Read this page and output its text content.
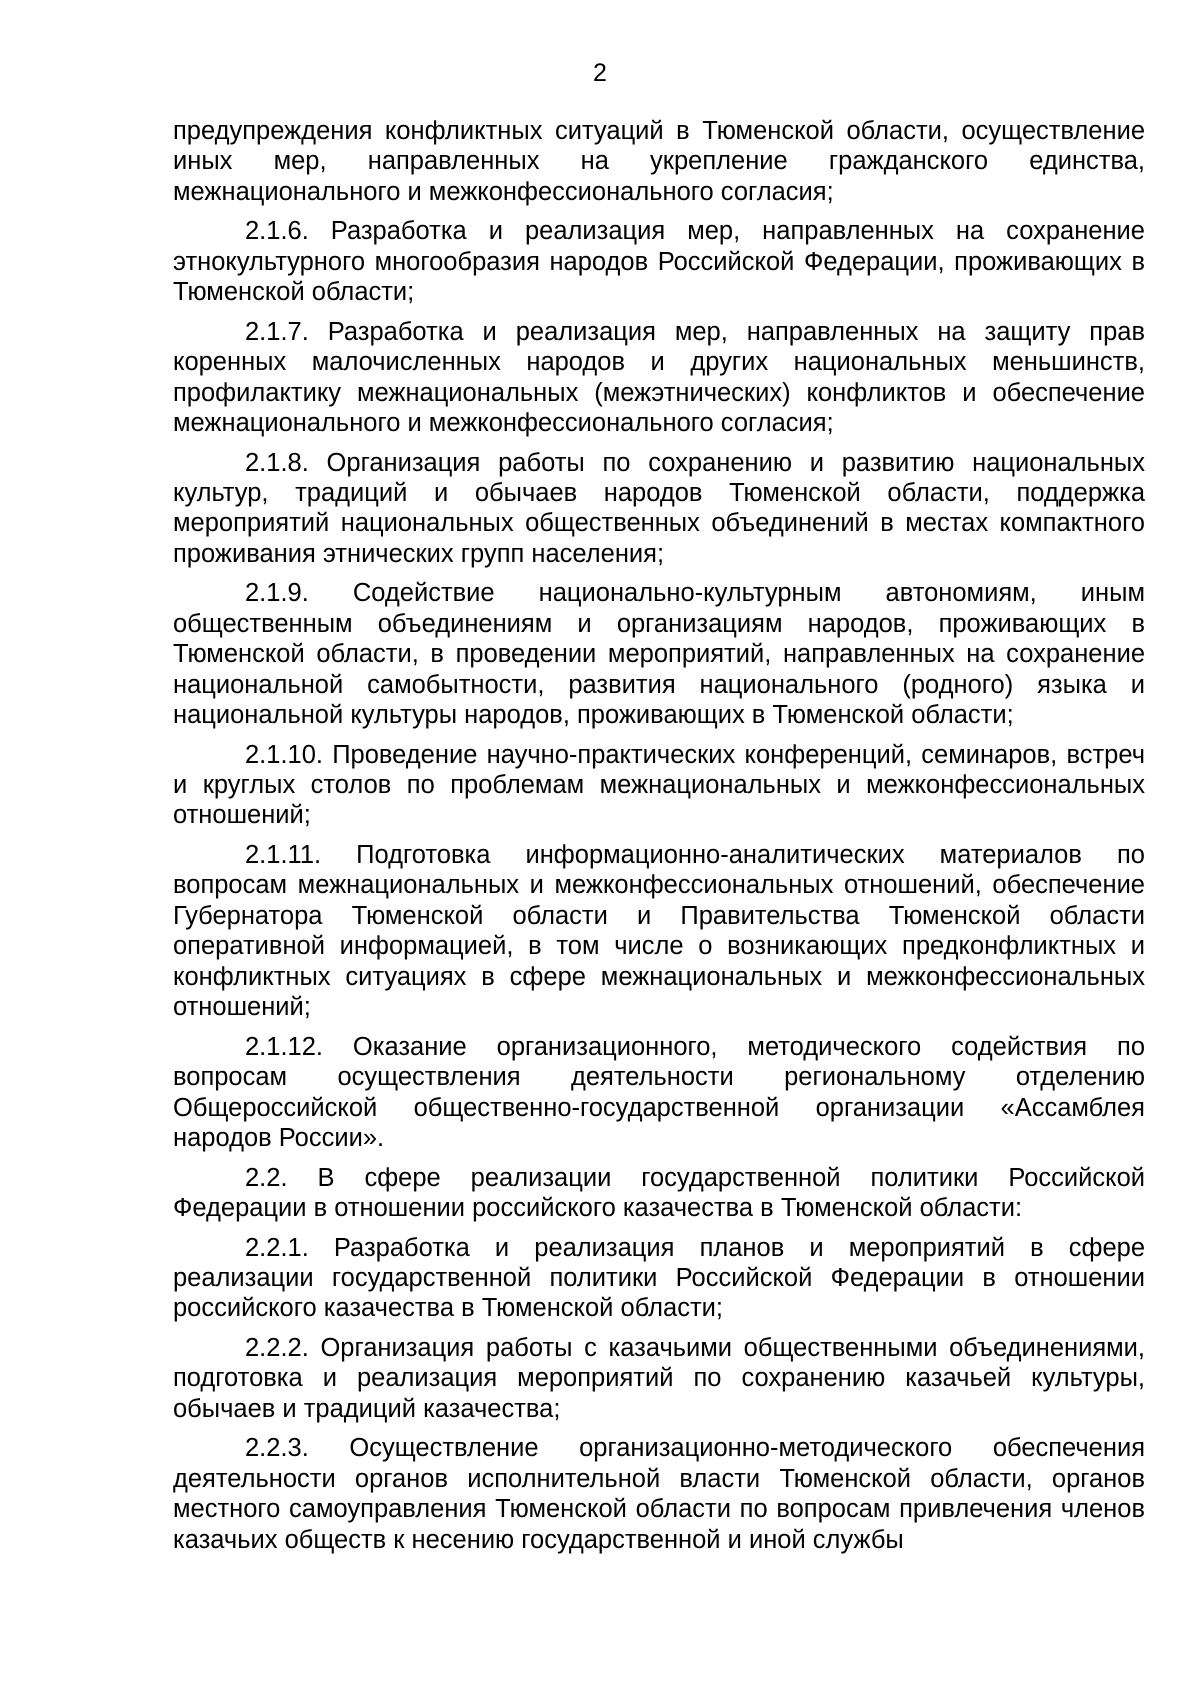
2

предупреждения конфликтных ситуаций в Тюменской области, осуществление иных мер, направленных на укрепление гражданского единства, межнационального и межконфессионального согласия;

2.1.6. Разработка и реализация мер, направленных на сохранение этнокультурного многообразия народов Российской Федерации, проживающих в Тюменской области;

2.1.7. Разработка и реализация мер, направленных на защиту прав коренных малочисленных народов и других национальных меньшинств, профилактику межнациональных (межэтнических) конфликтов и обеспечение межнационального и межконфессионального согласия;

2.1.8. Организация работы по сохранению и развитию национальных культур, традиций и обычаев народов Тюменской области, поддержка мероприятий национальных общественных объединений в местах компактного проживания этнических групп населения;

2.1.9. Содействие национально-культурным автономиям, иным общественным объединениям и организациям народов, проживающих в Тюменской области, в проведении мероприятий, направленных на сохранение национальной самобытности, развития национального (родного) языка и национальной культуры народов, проживающих в Тюменской области;

2.1.10. Проведение научно-практических конференций, семинаров, встреч и круглых столов по проблемам межнациональных и межконфессиональных отношений;

2.1.11. Подготовка информационно-аналитических материалов по вопросам межнациональных и межконфессиональных отношений, обеспечение Губернатора Тюменской области и Правительства Тюменской области оперативной информацией, в том числе о возникающих предконфликтных и конфликтных ситуациях в сфере межнациональных и межконфессиональных отношений;

2.1.12. Оказание организационного, методического содействия по вопросам осуществления деятельности региональному отделению Общероссийской общественно-государственной организации «Ассамблея народов России».

2.2. В сфере реализации государственной политики Российской Федерации в отношении российского казачества в Тюменской области:

2.2.1. Разработка и реализация планов и мероприятий в сфере реализации государственной политики Российской Федерации в отношении российского казачества в Тюменской области;

2.2.2. Организация работы с казачьими общественными объединениями, подготовка и реализация мероприятий по сохранению казачьей культуры, обычаев и традиций казачества;

2.2.3. Осуществление организационно-методического обеспечения деятельности органов исполнительной власти Тюменской области, органов местного самоуправления Тюменской области по вопросам привлечения членов казачьих обществ к несению государственной и иной службы
